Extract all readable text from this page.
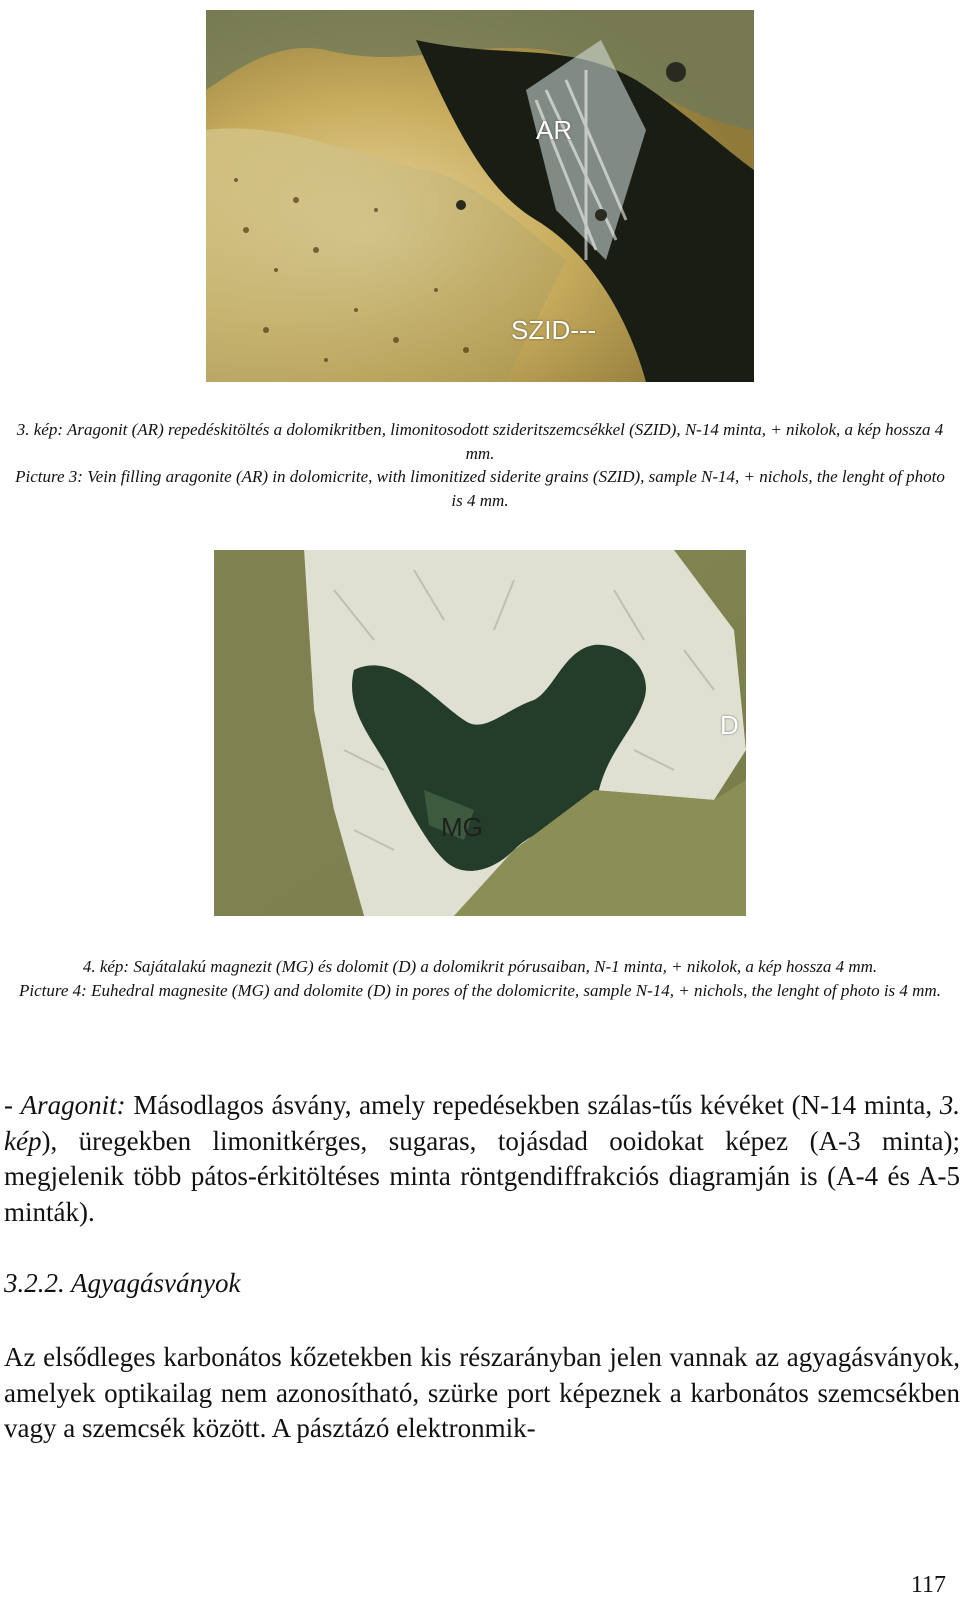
AR
SZID---

3. kép: Aragonit (AR) repedéskitöltés a dolomikritben, limonitosodott szideritszemcsékkel (SZID), N-14 minta, + nikolok, a kép hossza 4 mm.

Picture 3: Vein filling aragonite (AR) in dolomicrite, with limonitized siderite grains (SZID), sample N-14, + nichols, the lenght of photo is 4 mm.

D
MG

4. kép: Sajátalakú magnezit (MG) és dolomit (D) a dolomikrit pórusaiban, N-1 minta, + nikolok, a kép hossza 4 mm.

Picture 4: Euhedral magnesite (MG) and dolomite (D) in pores of the dolomicrite, sample N-14, + nichols, the lenght of photo is 4 mm.

- Aragonit: Másodlagos ásvány, amely repedésekben szálas-tűs kévéket (N-14 minta, 3. kép), üregekben limonitkérges, sugaras, tojásdad ooidokat képez (A-3 minta); megjelenik több pátos-érkitöltéses minta röntgendiffrakciós diagramján is (A-4 és A-5 minták).

3.2.2. Agyagásványok

Az elsődleges karbonátos kőzetekben kis részarányban jelen vannak az agyagásványok, amelyek optikailag nem azonosítható, szürke port képeznek a karbonátos szemcsékben vagy a szemcsék között. A pásztázó elektronmik-

117
